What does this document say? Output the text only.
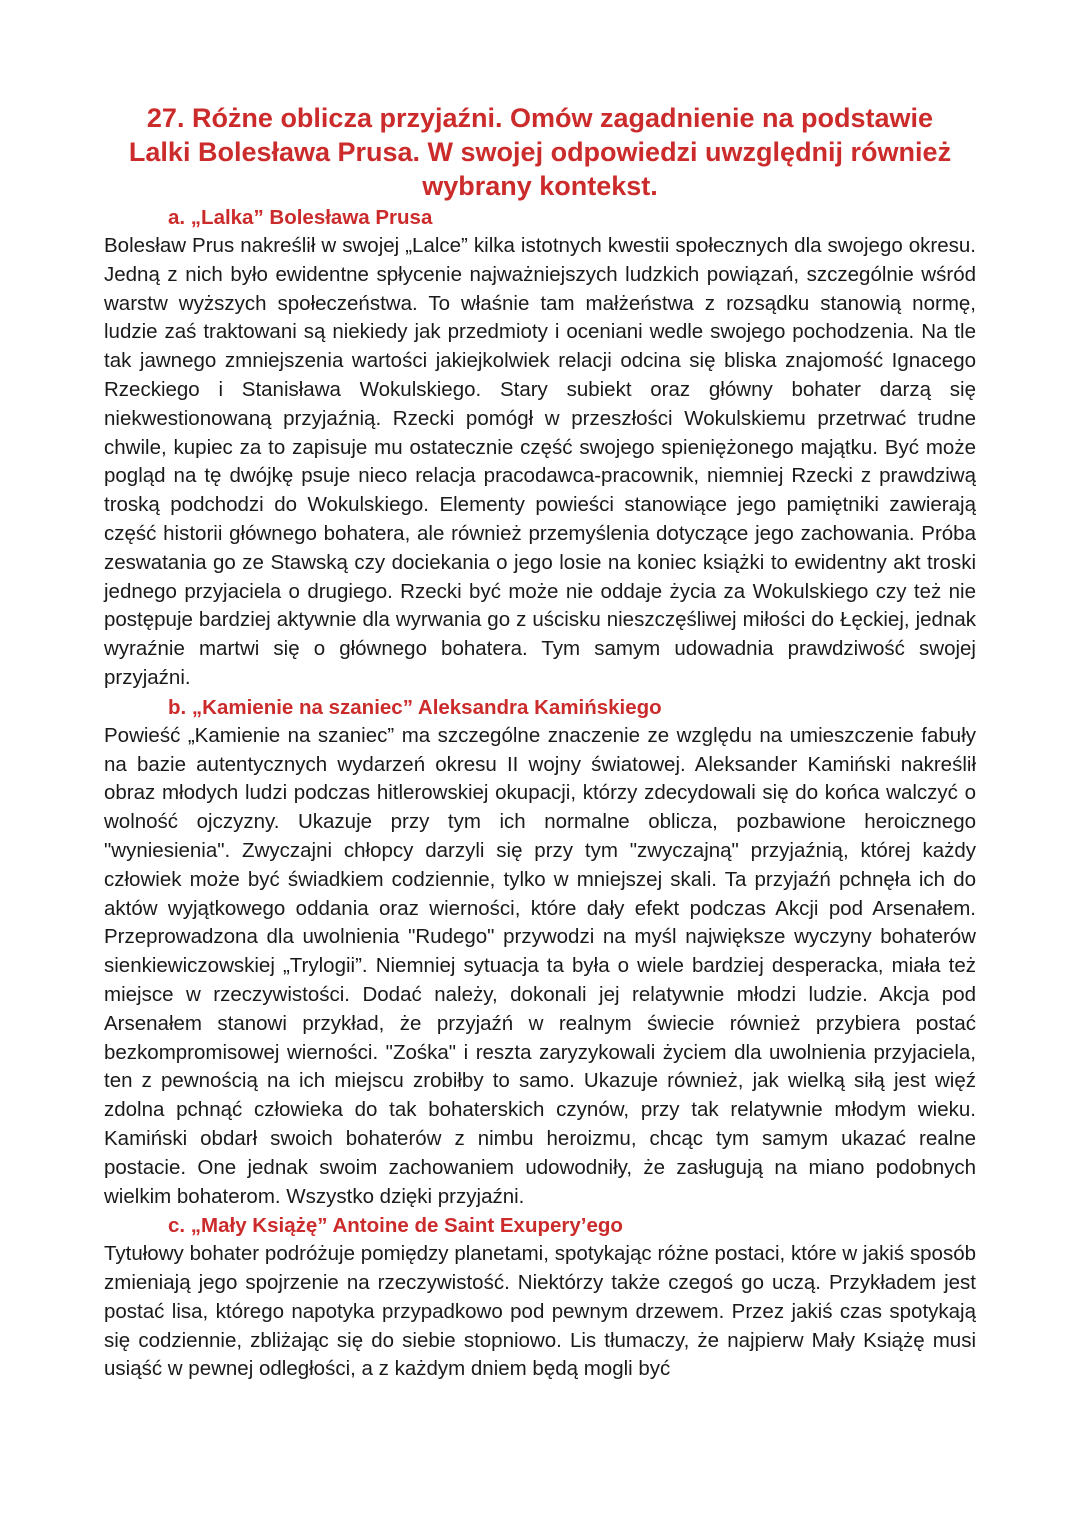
27. Różne oblicza przyjaźni. Omów zagadnienie na podstawie Lalki Bolesława Prusa. W swojej odpowiedzi uwzględnij również wybrany kontekst.
a. „Lalka” Bolesława Prusa

Bolesław Prus nakreślił w swojej „Lalce” kilka istotnych kwestii społecznych dla swojego okresu. Jedną z nich było ewidentne spłycenie najważniejszych ludzkich powiązań, szczególnie wśród warstw wyższych społeczeństwa. To właśnie tam małżeństwa z rozsądku stanowią normę, ludzie zaś traktowani są niekiedy jak przedmioty i oceniani wedle swojego pochodzenia. Na tle tak jawnego zmniejszenia wartości jakiejkolwiek relacji odcina się bliska znajomość Ignacego Rzeckiego i Stanisława Wokulskiego. Stary subiekt oraz główny bohater darzą się niekwestionowaną przyjaźnią. Rzecki pomógł w przeszłości Wokulskiemu przetrwać trudne chwile, kupiec za to zapisuje mu ostatecznie część swojego spieniężonego majątku. Być może pogląd na tę dwójkę psuje nieco relacja pracodawca-pracownik, niemniej Rzecki z prawdziwą troską podchodzi do Wokulskiego. Elementy powieści stanowiące jego pamiętniki zawierają część historii głównego bohatera, ale również przemyślenia dotyczące jego zachowania. Próba zeswatania go ze Stawską czy dociekania o jego losie na koniec książki to ewidentny akt troski jednego przyjaciela o drugiego. Rzecki być może nie oddaje życia za Wokulskiego czy też nie postępuje bardziej aktywnie dla wyrwania go z uścisku nieszczęśliwej miłości do Łęckiej, jednak wyraźnie martwi się o głównego bohatera. Tym samym udowadnia prawdziwość swojej przyjaźni.

b. „Kamienie na szaniec” Aleksandra Kamińskiego

Powieść „Kamienie na szaniec” ma szczególne znaczenie ze względu na umieszczenie fabuły na bazie autentycznych wydarzeń okresu II wojny światowej. Aleksander Kamiński nakreślił obraz młodych ludzi podczas hitlerowskiej okupacji, którzy zdecydowali się do końca walczyć o wolność ojczyzny. Ukazuje przy tym ich normalne oblicza, pozbawione heroicznego "wyniesienia". Zwyczajni chłopcy darzyli się przy tym "zwyczajną" przyjaźnią, której każdy człowiek może być świadkiem codziennie, tylko w mniejszej skali. Ta przyjaźń pchnęła ich do aktów wyjątkowego oddania oraz wierności, które dały efekt podczas Akcji pod Arsenałem. Przeprowadzona dla uwolnienia "Rudego" przywodzi na myśl największe wyczyny bohaterów sienkiewiczowskiej „Trylogii”. Niemniej sytuacja ta była o wiele bardziej desperacka, miała też miejsce w rzeczywistości. Dodać należy, dokonali jej relatywnie młodzi ludzie. Akcja pod Arsenałem stanowi przykład, że przyjaźń w realnym świecie również przybiera postać bezkompromisowej wierności. "Zośka" i reszta zaryzykowali życiem dla uwolnienia przyjaciela, ten z pewnością na ich miejscu zrobiłby to samo. Ukazuje również, jak wielką siłą jest więź zdolna pchnąć człowieka do tak bohaterskich czynów, przy tak relatywnie młodym wieku. Kamiński obdarł swoich bohaterów z nimbu heroizmu, chcąc tym samym ukazać realne postacie. One jednak swoim zachowaniem udowodniły, że zasługują na miano podobnych wielkim bohaterom. Wszystko dzięki przyjaźni.

c. „Mały Książę” Antoine de Saint Exupery’ego

Tytułowy bohater podróżuje pomiędzy planetami, spotykając różne postaci, które w jakiś sposób zmieniają jego spojrzenie na rzeczywistość. Niektórzy także czegoś go uczą. Przykładem jest postać lisa, którego napotyka przypadkowo pod pewnym drzewem. Przez jakiś czas spotykają się codziennie, zbliżając się do siebie stopniowo. Lis tłumaczy, że najpierw Mały Książę musi usiąść w pewnej odległości, a z każdym dniem będą mogli być
